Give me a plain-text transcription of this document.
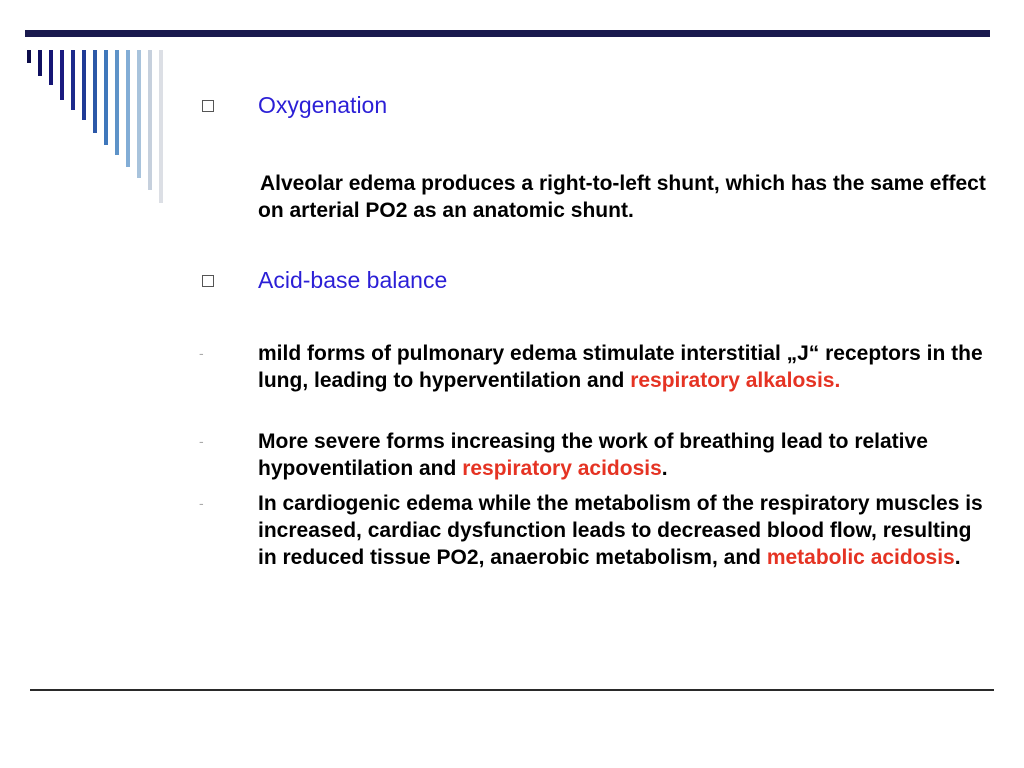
Oxygenation
Alveolar edema produces a right-to-left shunt, which has the same effect on arterial PO2 as an anatomic shunt.
Acid-base balance
-	mild forms of pulmonary edema stimulate interstitial „J“ receptors in the lung, leading to hyperventilation and respiratory alkalosis.
-	More severe forms increasing the work of breathing lead to relative hypoventilation and respiratory acidosis.
-	In cardiogenic edema while the metabolism of the respiratory muscles is increased, cardiac dysfunction leads to decreased blood flow, resulting in reduced tissue PO2, anaerobic metabolism, and metabolic acidosis.
